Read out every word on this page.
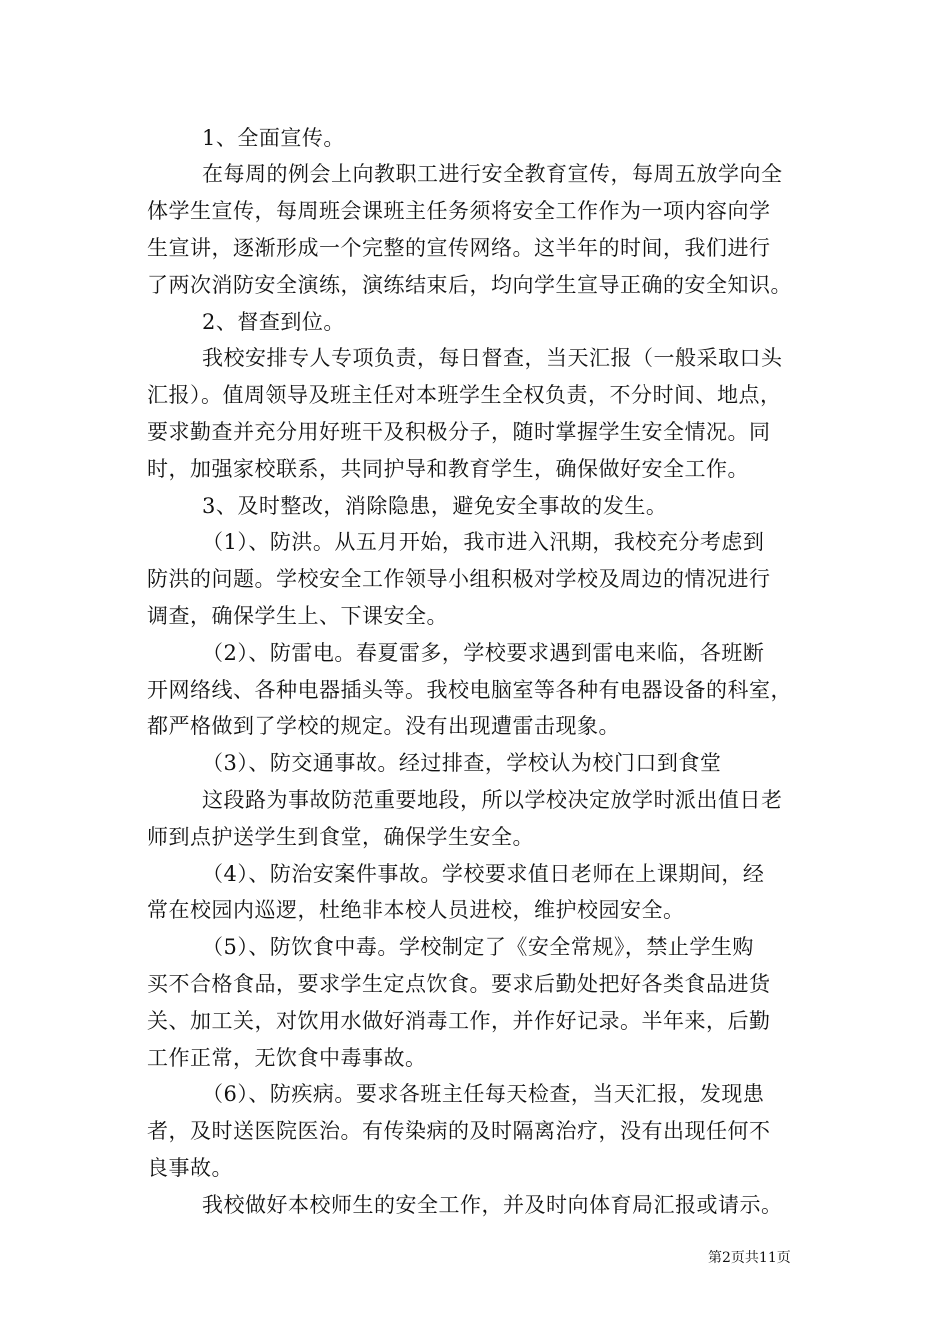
1、全面宣传。
在每周的例会上向教职工进行安全教育宣传，每周五放学向全
体学生宣传，每周班会课班主任务须将安全工作作为一项内容向学
生宣讲，逐渐形成一个完整的宣传网络。这半年的时间，我们进行
了两次消防安全演练，演练结束后，均向学生宣导正确的安全知识。
2、督查到位。
我校安排专人专项负责，每日督查，当天汇报（一般采取口头
汇报）。值周领导及班主任对本班学生全权负责，不分时间、地点，
要求勤查并充分用好班干及积极分子，随时掌握学生安全情况。同
时，加强家校联系，共同护导和教育学生，确保做好安全工作。
3、及时整改，消除隐患，避免安全事故的发生。
（1）、防洪。从五月开始，我市进入汛期，我校充分考虑到
防洪的问题。学校安全工作领导小组积极对学校及周边的情况进行
调查，确保学生上、下课安全。
（2）、防雷电。春夏雷多，学校要求遇到雷电来临，各班断
开网络线、各种电器插头等。我校电脑室等各种有电器设备的科室，
都严格做到了学校的规定。没有出现遭雷击现象。
（3）、防交通事故。经过排查，学校认为校门口到食堂
这段路为事故防范重要地段，所以学校决定放学时派出值日老
师到点护送学生到食堂，确保学生安全。
（4）、防治安案件事故。学校要求值日老师在上课期间，经
常在校园内巡逻，杜绝非本校人员进校，维护校园安全。
（5）、防饮食中毒。学校制定了《安全常规》，禁止学生购
买不合格食品，要求学生定点饮食。要求后勤处把好各类食品进货
关、加工关，对饮用水做好消毒工作，并作好记录。半年来，后勤
工作正常，无饮食中毒事故。
（6）、防疾病。要求各班主任每天检查，当天汇报，发现患
者，及时送医院医治。有传染病的及时隔离治疗，没有出现任何不
良事故。
我校做好本校师生的安全工作，并及时向体育局汇报或请示。
第2页共11页
